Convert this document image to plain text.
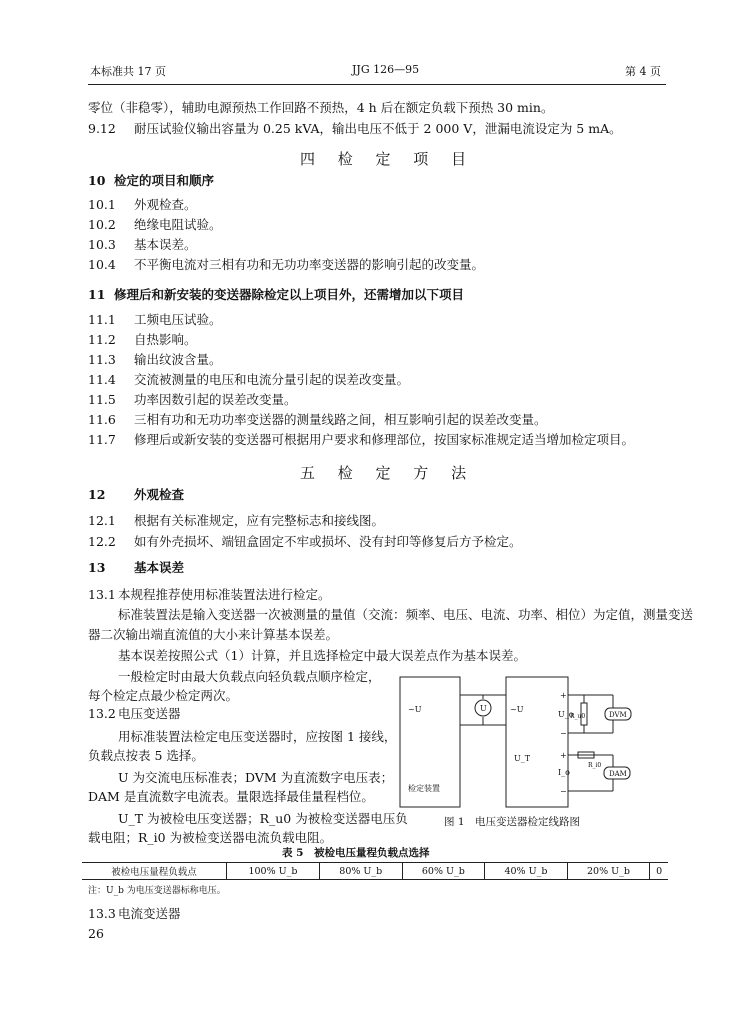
本标准共 17 页	JJG 126—95	第 4 页
零位（非稳零），辅助电源预热工作回路不预热，4 h 后在额定负载下预热 30 min。
9.12 耐压试验仪输出容量为 0.25 kVA，输出电压不低于 2 000 V，泄漏电流设定为 5 mA。
四 检 定 项 目
10 检定的项目和顺序
10.1 外观检查。
10.2 绝缘电阻试验。
10.3 基本误差。
10.4 不平衡电流对三相有功和无功功率变送器的影响引起的改变量。
11 修理后和新安装的变送器除检定以上项目外，还需增加以下项目
11.1 工频电压试验。
11.2 自热影响。
11.3 输出纹波含量。
11.4 交流被测量的电压和电流分量引起的误差改变量。
11.5 功率因数引起的误差改变量。
11.6 三相有功和无功功率变送器的测量线路之间，相互影响引起的误差改变量。
11.7 修理后或新安装的变送器可根据用户要求和修理部位，按国家标准规定适当增加检定项目。
五 检 定 方 法
12 外观检查
12.1 根据有关标准规定，应有完整标志和接线图。
12.2 如有外壳损坏、端钮盒固定不牢或损坏、没有封印等修复后方予检定。
13 基本误差
13.1 本规程推荐使用标准装置法进行检定。
标准装置法是输入变送器一次被测量的量值（交流：频率、电压、电流、功率、相位）为定值，测量变送
器二次输出端直流值的大小来计算基本误差。
基本误差按照公式（1）计算，并且选择检定中最大误差点作为基本误差。
一般检定时由最大负载点向轻负载点顺序检定，
每个检定点最少检定两次。
13.2 电压变送器
用标准装置法检定电压变送器时，应按图 1 接线，
负载点按表 5 选择。
U 为交流电压标准表；DVM 为直流数字电压表；
DAM 是直流数字电流表。量限选择最佳量程档位。
U_T 为被检电压变送器；R_u0 为被检变送器电压负
载电阻；R_i0 为被检变送器电流负载电阻。
~U	U	~U
U_T
+
−
+
−
U_o
I_o
R_u0
R_i0
DVM
DAM
检定装置
图 1　电压变送器检定线路图
表 5　被检电压量程负载点选择
被检电压量程负载点	100% U_b	80% U_b	60% U_b	40% U_b	20% U_b	0
注：U_b 为电压变送器标称电压。
13.3 电流变送器
26
